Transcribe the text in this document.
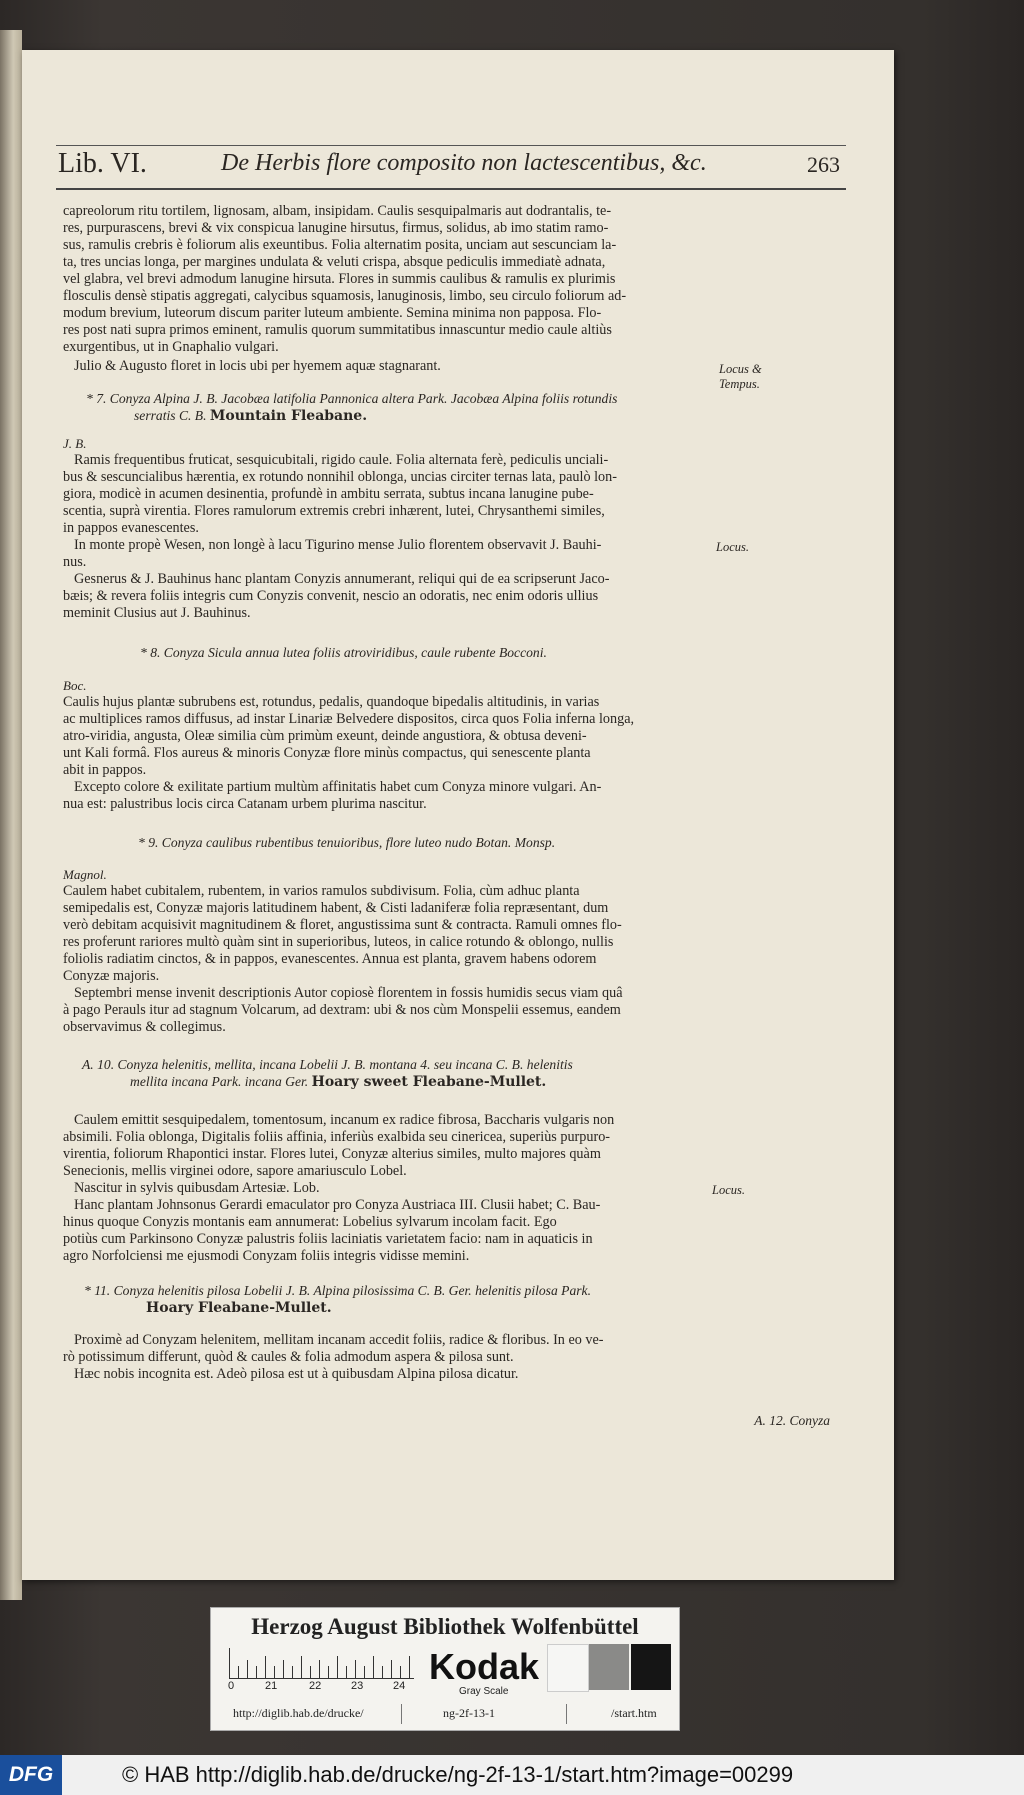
Lib. VI.	De Herbis flore composito non lactescentibus, &c.	263
capreolorum ritu tortilem, lignosam, albam, insipidam. Caulis sesquipalmaris aut dodrantalis, te-
res, purpurascens, brevi & vix conspicua lanugine hirsutus, firmus, solidus, ab imo statim ramo-
sus, ramulis crebris è foliorum alis exeuntibus. Folia alternatim posita, unciam aut sescunciam la-
ta, tres uncias longa, per margines undulata & veluti crispa, absque pediculis immediatè adnata,
vel glabra, vel brevi admodum lanugine hirsuta. Flores in summis caulibus & ramulis ex plurimis
flosculis densè stipatis aggregati, calycibus squamosis, lanuginosis, limbo, seu circulo foliorum ad-
modum brevium, luteorum discum pariter luteum ambiente. Semina minima non papposa. Flo-
res post nati supra primos eminent, ramulis quorum summitatibus innascuntur medio caule altiùs
exurgentibus, ut in Gnaphalio vulgari.
Julio & Augusto floret in locis ubi per hyemem aquæ stagnarant.	Locus &
Tempus.
* 7. Conyza Alpina J. B. Jacobæa latifolia Pannonica altera Park. Jacobæa Alpina foliis rotundis
serratis C. B. Mountain Fleabane.
J. B.
Ramis frequentibus fruticat, sesquicubitali, rigido caule. Folia alternata ferè, pediculis unciali-
bus & sescuncialibus hærentia, ex rotundo nonnihil oblonga, uncias circiter ternas lata, paulò lon-
giora, modicè in acumen desinentia, profundè in ambitu serrata, subtus incana lanugine pube-
scentia, suprà virentia. Flores ramulorum extremis crebri inhærent, lutei, Chrysanthemi similes,
in pappos evanescentes.
In monte propè Wesen, non longè à lacu Tigurino mense Julio florentem observavit J. Bauhi-
nus.
Locus.
Gesnerus & J. Bauhinus hanc plantam Conyzis annumerant, reliqui qui de ea scripserunt Jaco-
bæis; & revera foliis integris cum Conyzis convenit, nescio an odoratis, nec enim odoris ullius
meminit Clusius aut J. Bauhinus.
* 8. Conyza Sicula annua lutea foliis atroviridibus, caule rubente Bocconi.
Boc.
Caulis hujus plantæ subrubens est, rotundus, pedalis, quandoque bipedalis altitudinis, in varias
ac multiplices ramos diffusus, ad instar Linariæ Belvedere dispositos, circa quos Folia inferna longa,
atro-viridia, angusta, Oleæ similia cùm primùm exeunt, deinde angustiora, & obtusa deveni-
unt Kali formâ. Flos aureus & minoris Conyzæ flore minùs compactus, qui senescente planta
abit in pappos.
Excepto colore & exilitate partium multùm affinitatis habet cum Conyza minore vulgari. An-
nua est: palustribus locis circa Catanam urbem plurima nascitur.
* 9. Conyza caulibus rubentibus tenuioribus, flore luteo nudo Botan. Monsp.
Magnol.
Caulem habet cubitalem, rubentem, in varios ramulos subdivisum. Folia, cùm adhuc planta
semipedalis est, Conyzæ majoris latitudinem habent, & Cisti ladaniferæ folia repræsentant, dum
verò debitam acquisivit magnitudinem & floret, angustissima sunt & contracta. Ramuli omnes flo-
res proferunt rariores multò quàm sint in superioribus, luteos, in calice rotundo & oblongo, nullis
foliolis radiatim cinctos, & in pappos, evanescentes. Annua est planta, gravem habens odorem
Conyzæ majoris.
Septembri mense invenit descriptionis Autor copiosè florentem in fossis humidis secus viam quâ
à pago Perauls itur ad stagnum Volcarum, ad dextram: ubi & nos cùm Monspelii essemus, eandem
observavimus & collegimus.
A. 10. Conyza helenitis, mellita, incana Lobelii J. B. montana 4. seu incana C. B. helenitis
mellita incana Park. incana Ger. Hoary sweet Fleabane-Mullet.
Caulem emittit sesquipedalem, tomentosum, incanum ex radice fibrosa, Baccharis vulgaris non
absimili. Folia oblonga, Digitalis foliis affinia, inferiùs exalbida seu cinericea, superiùs purpuro-
virentia, foliorum Rhapontici instar. Flores lutei, Conyzæ alterius similes, multo majores quàm
Senecionis, mellis virginei odore, sapore amariusculo Lobel.
Nascitur in sylvis quibusdam Artesiæ. Lob.
Hanc plantam Johnsonus Gerardi emaculator pro Conyza Austriaca III. Clusii habet; C. Bau-
Locus.
hinus quoque Conyzis montanis eam annumerat: Lobelius sylvarum incolam facit. Ego
potiùs cum Parkinsono Conyzæ palustris foliis laciniatis varietatem facio: nam in aquaticis in
agro Norfolciensi me ejusmodi Conyzam foliis integris vidisse memini.
* 11. Conyza helenitis pilosa Lobelii J. B. Alpina pilosissima C. B. Ger. helenitis pilosa Park.
Hoary Fleabane-Mullet.
Proximè ad Conyzam helenitem, mellitam incanam accedit foliis, radice & floribus. In eo ve-
rò potissimum differunt, quòd & caules & folia admodum aspera & pilosa sunt.
Hæc nobis incognita est. Adeò pilosa est ut à quibusdam Alpina pilosa dicatur.
A. 12. Conyza
Herzog August Bibliothek Wolfenbüttel
0	21	22	23	24 Kodak
Gray Scale
http://diglib.hab.de/drucke/	ng-2f-13-1	/start.htm
DFG	© HAB http://diglib.hab.de/drucke/ng-2f-13-1/start.htm?image=00299
